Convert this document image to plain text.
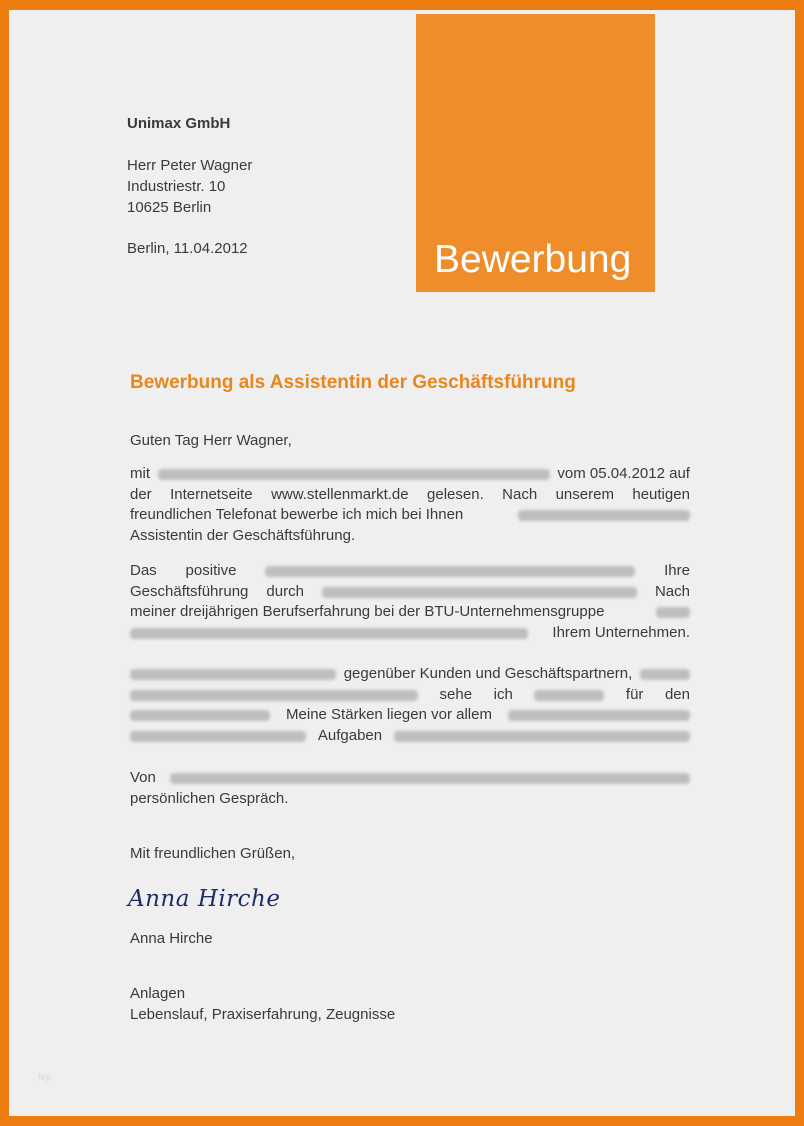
Bewerbung
Unimax GmbH
Herr Peter Wagner
Industriestr. 10
10625 Berlin
Berlin, 11.04.2012
Bewerbung als Assistentin der Geschäftsführung
Guten Tag Herr Wagner,
mit	vom 05.04.2012 auf
der Internetseite www.stellenmarkt.de gelesen. Nach unserem heutigen
freundlichen Telefonat bewerbe ich mich bei Ihnen
Assistentin der Geschäftsführung.
Das positive	Ihre
Geschäftsführung durch	Nach
meiner dreijährigen Berufserfahrung bei der BTU-Unternehmensgruppe
Ihrem Unternehmen.
gegenüber Kunden und Geschäftspartnern,
sehe ich	für den
Meine Stärken liegen vor allem
Aufgaben
Von
persönlichen Gespräch.
Mit freundlichen Grüßen,
Anna Hirche
Anna Hirche
Anlagen
Lebenslauf, Praxiserfahrung, Zeugnisse
hrp
